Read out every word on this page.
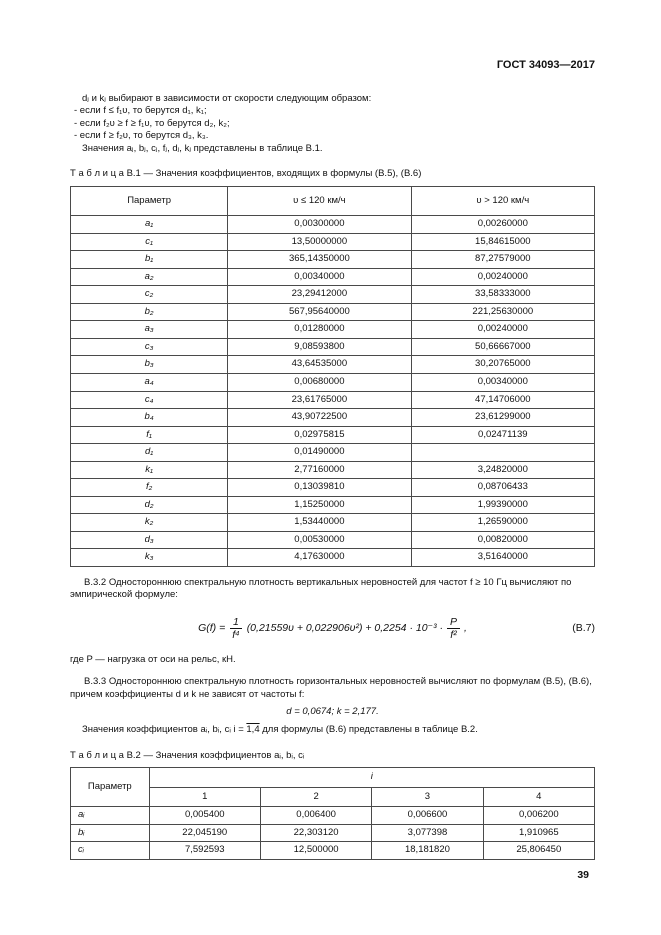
ГОСТ 34093—2017

dⱼ и kⱼ выбирают в зависимости от скорости следующим образом:

- если f ≤ f₁υ, то берутся d₁, k₁;

- если f₂υ ≥ f ≥ f₁υ, то берутся d₂, k₂;

- если f ≥ f₂υ, то берутся d₃, k₃.

Значения aⱼ, bⱼ, cⱼ, fⱼ, dⱼ, kⱼ представлены в таблице В.1.

Т а б л и ц а В.1 — Значения коэффициентов, входящих в формулы (В.5), (В.6)

Параметр	υ ≤ 120 км/ч	υ > 120 км/ч
a₁	0,00300000	0,00260000
c₁	13,50000000	15,84615000
b₁	365,14350000	87,27579000
a₂	0,00340000	0,00240000
c₂	23,29412000	33,58333000
b₂	567,95640000	221,25630000
a₃	0,01280000	0,00240000
c₃	9,08593800	50,66667000
b₃	43,64535000	30,20765000
a₄	0,00680000	0,00340000
c₄	23,61765000	47,14706000
b₄	43,90722500	23,61299000
f₁	0,02975815	0,02471139
d₁	0,01490000	
k₁	2,77160000	3,24820000
f₂	0,13039810	0,08706433
d₂	1,15250000	1,99390000
k₂	1,53440000	1,26590000
d₃	0,00530000	0,00820000
k₃	4,17630000	3,51640000

В.3.2 Одностороннюю спектральную плотность вертикальных неровностей для частот f ≥ 10 Гц вычисляют по эмпирической формуле:

$G(f) = \frac{1}{\text{f⁴}} (0,21559\upsilon + 0,022906\upsilon^2) + 0,2254 \cdot 10^{-3} \cdot \frac{P}{\text{f²}}$ ,	(В.7)

где P — нагрузка от оси на рельс, кН.

В.3.3 Одностороннюю спектральную плотность горизонтальных неровностей вычисляют по формулам (В.5), (В.6), причем коэффициенты d и k не зависят от частоты f:

d = 0,0674; k = 2,177.

Значения коэффициентов aᵢ, bᵢ, cᵢ i = 1,4 для формулы (В.6) представлены в таблице В.2.

Т а б л и ц а В.2 — Значения коэффициентов aᵢ, bᵢ, cᵢ

Параметр	i			
	1	2	3	4
aᵢ	0,005400	0,006400	0,006600	0,006200
bᵢ	22,045190	22,303120	3,077398	1,910965
cᵢ	7,592593	12,500000	18,181820	25,806450
39
